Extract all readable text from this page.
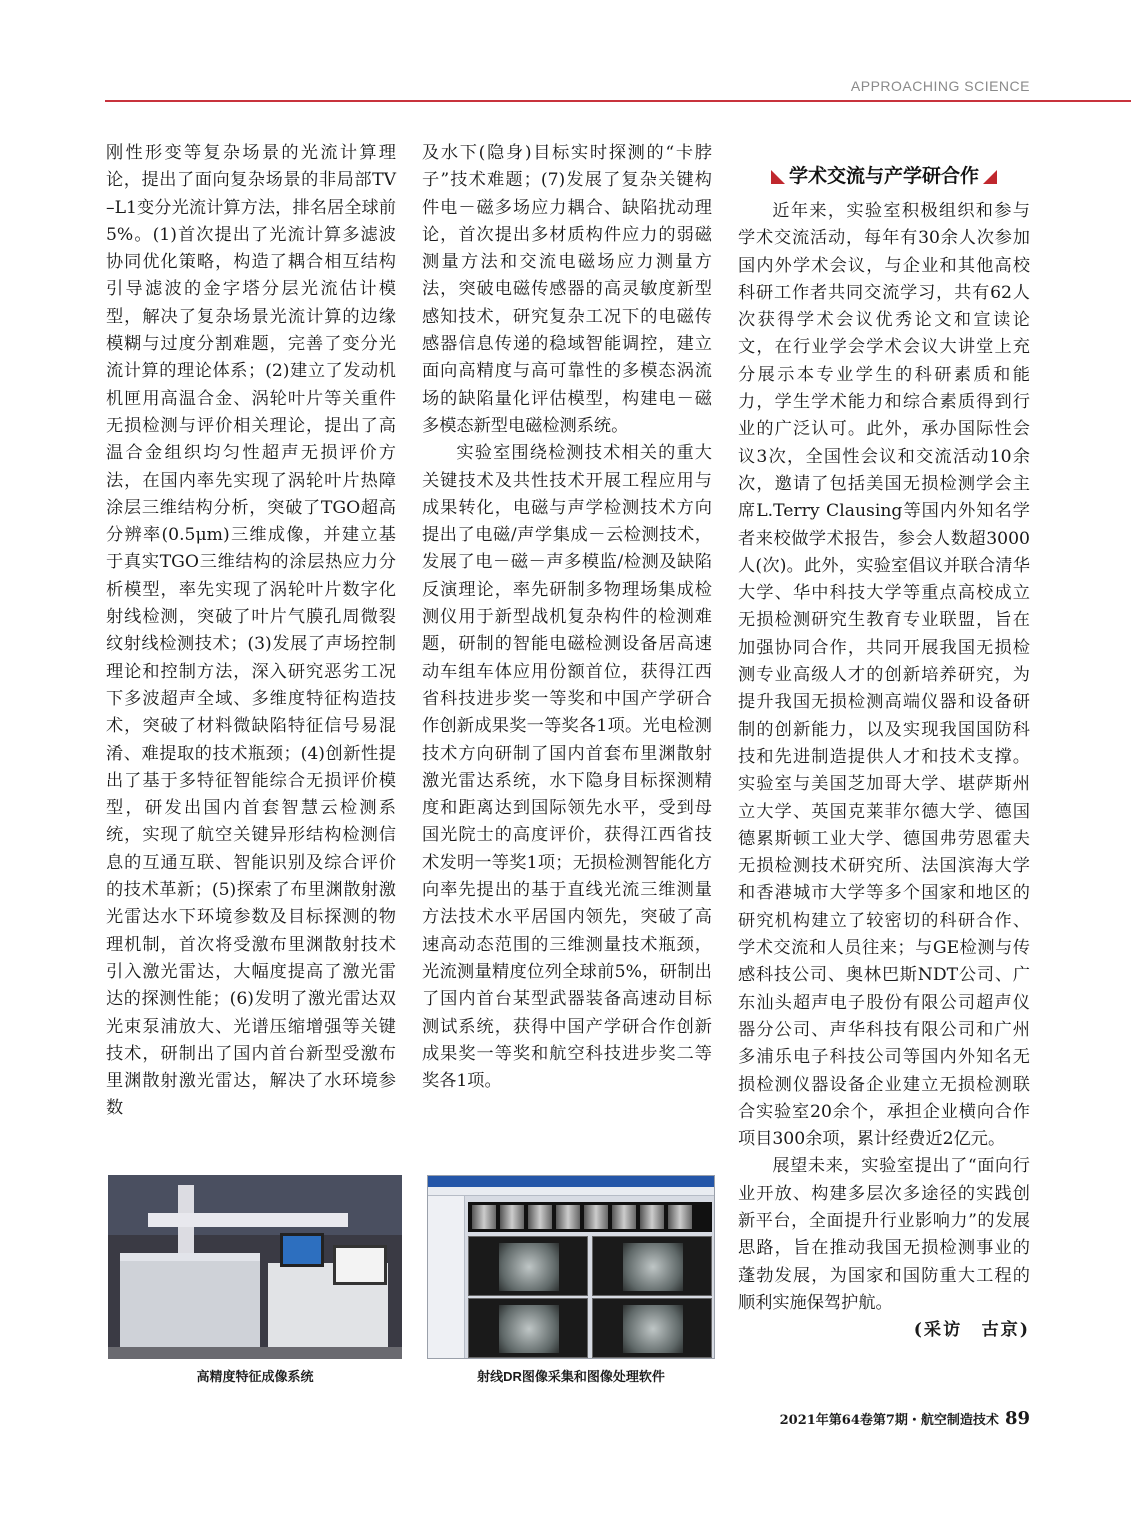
APPROACHING SCIENCE

刚性形变等复杂场景的光流计算理论，提出了面向复杂场景的非局部TV–L1变分光流计算方法，排名居全球前5%。(1)首次提出了光流计算多滤波协同优化策略，构造了耦合相互结构引导滤波的金字塔分层光流估计模型，解决了复杂场景光流计算的边缘模糊与过度分割难题，完善了变分光流计算的理论体系；(2)建立了发动机机匣用高温合金、涡轮叶片等关重件无损检测与评价相关理论，提出了高温合金组织均匀性超声无损评价方法，在国内率先实现了涡轮叶片热障涂层三维结构分析，突破了TGO超高分辨率(0.5μm)三维成像，并建立基于真实TGO三维结构的涂层热应力分析模型，率先实现了涡轮叶片数字化射线检测，突破了叶片气膜孔周微裂纹射线检测技术；(3)发展了声场控制理论和控制方法，深入研究恶劣工况下多波超声全域、多维度特征构造技术，突破了材料微缺陷特征信号易混淆、难提取的技术瓶颈；(4)创新性提出了基于多特征智能综合无损评价模型，研发出国内首套智慧云检测系统，实现了航空关键异形结构检测信息的互通互联、智能识别及综合评价的技术革新；(5)探索了布里渊散射激光雷达水下环境参数及目标探测的物理机制，首次将受激布里渊散射技术引入激光雷达，大幅度提高了激光雷达的探测性能；(6)发明了激光雷达双光束泵浦放大、光谱压缩增强等关键技术，研制出了国内首台新型受激布里渊散射激光雷达，解决了水环境参数

及水下(隐身)目标实时探测的“卡脖子”技术难题；(7)发展了复杂关键构件电－磁多场应力耦合、缺陷扰动理论，首次提出多材质构件应力的弱磁测量方法和交流电磁场应力测量方法，突破电磁传感器的高灵敏度新型感知技术，研究复杂工况下的电磁传感器信息传递的稳域智能调控，建立面向高精度与高可靠性的多模态涡流场的缺陷量化评估模型，构建电－磁多模态新型电磁检测系统。

实验室围绕检测技术相关的重大关键技术及共性技术开展工程应用与成果转化，电磁与声学检测技术方向提出了电磁/声学集成－云检测技术，发展了电－磁－声多模监/检测及缺陷反演理论，率先研制多物理场集成检测仪用于新型战机复杂构件的检测难题，研制的智能电磁检测设备居高速动车组车体应用份额首位，获得江西省科技进步奖一等奖和中国产学研合作创新成果奖一等奖各1项。光电检测技术方向研制了国内首套布里渊散射激光雷达系统，水下隐身目标探测精度和距离达到国际领先水平，受到母国光院士的高度评价，获得江西省技术发明一等奖1项；无损检测智能化方向率先提出的基于直线光流三维测量方法技术水平居国内领先，突破了高速高动态范围的三维测量技术瓶颈，光流测量精度位列全球前5%，研制出了国内首台某型武器装备高速动目标测试系统，获得中国产学研合作创新成果奖一等奖和航空科技进步奖二等奖各1项。

学术交流与产学研合作

近年来，实验室积极组织和参与学术交流活动，每年有30余人次参加国内外学术会议，与企业和其他高校科研工作者共同交流学习，共有62人次获得学术会议优秀论文和宣读论文，在行业学会学术会议大讲堂上充分展示本专业学生的科研素质和能力，学生学术能力和综合素质得到行业的广泛认可。此外，承办国际性会议3次，全国性会议和交流活动10余次，邀请了包括美国无损检测学会主席L.Terry Clausing等国内外知名学者来校做学术报告，参会人数超3000人(次)。此外，实验室倡议并联合清华大学、华中科技大学等重点高校成立无损检测研究生教育专业联盟，旨在加强协同合作，共同开展我国无损检测专业高级人才的创新培养研究，为提升我国无损检测高端仪器和设备研制的创新能力，以及实现我国国防科技和先进制造提供人才和技术支撑。实验室与美国芝加哥大学、堪萨斯州立大学、英国克莱菲尔德大学、德国德累斯顿工业大学、德国弗劳恩霍夫无损检测技术研究所、法国滨海大学和香港城市大学等多个国家和地区的研究机构建立了较密切的科研合作、学术交流和人员往来；与GE检测与传感科技公司、奥林巴斯NDT公司、广东汕头超声电子股份有限公司超声仪器分公司、声华科技有限公司和广州多浦乐电子科技公司等国内外知名无损检测仪器设备企业建立无损检测联合实验室20余个，承担企业横向合作项目300余项，累计经费近2亿元。

展望未来，实验室提出了“面向行业开放、构建多层次多途径的实践创新平台，全面提升行业影响力”的发展思路，旨在推动我国无损检测事业的蓬勃发展，为国家和国防重大工程的顺利实施保驾护航。

(采访　古京)

高精度特征成像系统	射线DR图像采集和图像处理软件
2021年第64卷第7期・航空制造技术 89
